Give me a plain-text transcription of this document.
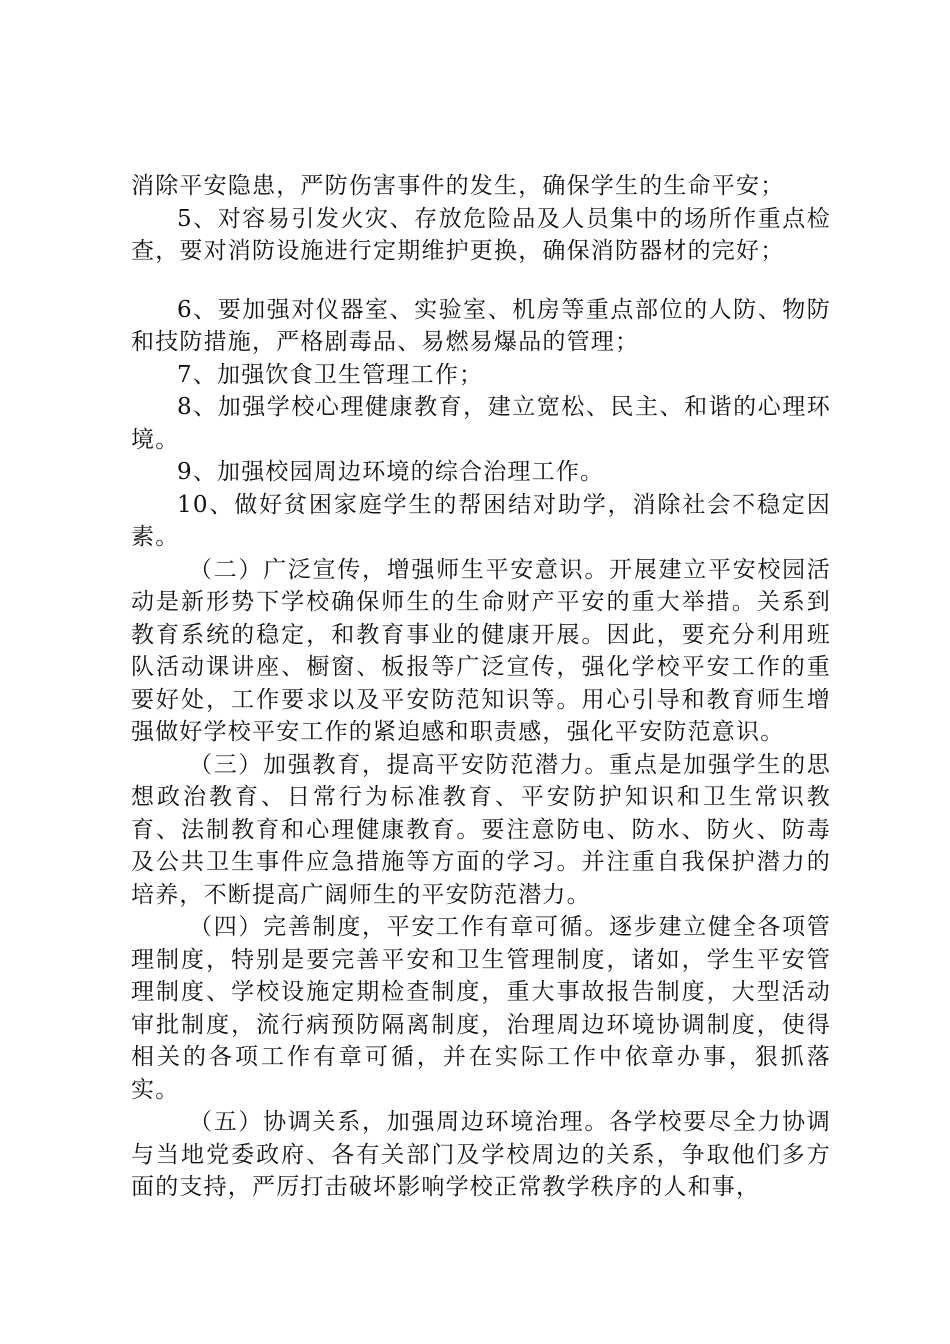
消除平安隐患，严防伤害事件的发生，确保学生的生命平安；

5、对容易引发火灾、存放危险品及人员集中的场所作重点检查，要对消防设施进行定期维护更换，确保消防器材的完好；

6、要加强对仪器室、实验室、机房等重点部位的人防、物防和技防措施，严格剧毒品、易燃易爆品的管理；

7、加强饮食卫生管理工作；

8、加强学校心理健康教育，建立宽松、民主、和谐的心理环境。

9、加强校园周边环境的综合治理工作。

10、做好贫困家庭学生的帮困结对助学，消除社会不稳定因素。

（二）广泛宣传，增强师生平安意识。开展建立平安校园活动是新形势下学校确保师生的生命财产平安的重大举措。关系到教育系统的稳定，和教育事业的健康开展。因此，要充分利用班队活动课讲座、橱窗、板报等广泛宣传，强化学校平安工作的重要好处，工作要求以及平安防范知识等。用心引导和教育师生增强做好学校平安工作的紧迫感和职责感，强化平安防范意识。

（三）加强教育，提高平安防范潜力。重点是加强学生的思想政治教育、日常行为标准教育、平安防护知识和卫生常识教育、法制教育和心理健康教育。要注意防电、防水、防火、防毒及公共卫生事件应急措施等方面的学习。并注重自我保护潜力的培养，不断提高广阔师生的平安防范潜力。

（四）完善制度，平安工作有章可循。逐步建立健全各项管理制度，特别是要完善平安和卫生管理制度，诸如，学生平安管理制度、学校设施定期检查制度，重大事故报告制度，大型活动审批制度，流行病预防隔离制度，治理周边环境协调制度，使得相关的各项工作有章可循，并在实际工作中依章办事，狠抓落实。

（五）协调关系，加强周边环境治理。各学校要尽全力协调与当地党委政府、各有关部门及学校周边的关系，争取他们多方面的支持，严厉打击破坏影响学校正常教学秩序的人和事，
